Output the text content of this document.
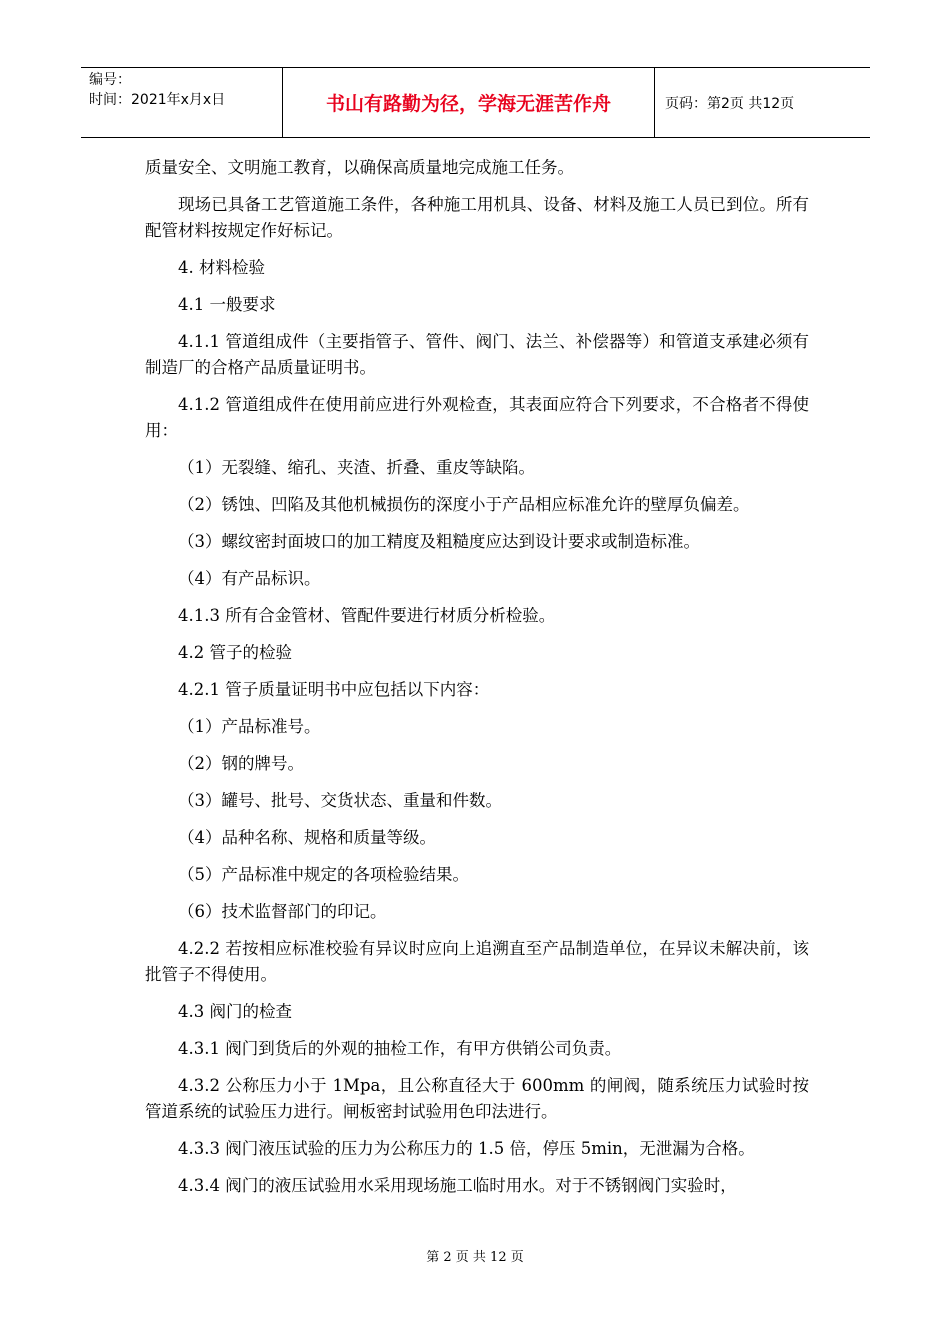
编号：
时间：2021年x月x日	书山有路勤为径，学海无涯苦作舟	页码：第2页 共12页

质量安全、文明施工教育，以确保高质量地完成施工任务。

现场已具备工艺管道施工条件，各种施工用机具、设备、材料及施工人员已到位。所有配管材料按规定作好标记。

4. 材料检验

4.1 一般要求

4.1.1 管道组成件（主要指管子、管件、阀门、法兰、补偿器等）和管道支承建必须有制造厂的合格产品质量证明书。

4.1.2 管道组成件在使用前应进行外观检查，其表面应符合下列要求，不合格者不得使用：

（1）无裂缝、缩孔、夹渣、折叠、重皮等缺陷。

（2）锈蚀、凹陷及其他机械损伤的深度小于产品相应标准允许的壁厚负偏差。

（3）螺纹密封面坡口的加工精度及粗糙度应达到设计要求或制造标准。

（4）有产品标识。

4.1.3 所有合金管材、管配件要进行材质分析检验。

4.2 管子的检验

4.2.1 管子质量证明书中应包括以下内容：

（1）产品标准号。

（2）钢的牌号。

（3）罐号、批号、交货状态、重量和件数。

（4）品种名称、规格和质量等级。

（5）产品标准中规定的各项检验结果。

（6）技术监督部门的印记。

4.2.2 若按相应标准校验有异议时应向上追溯直至产品制造单位，在异议未解决前，该批管子不得使用。

4.3 阀门的检查

4.3.1 阀门到货后的外观的抽检工作，有甲方供销公司负责。

4.3.2 公称压力小于 1Mpa，且公称直径大于 600mm 的闸阀，随系统压力试验时按管道系统的试验压力进行。闸板密封试验用色印法进行。

4.3.3 阀门液压试验的压力为公称压力的 1.5 倍，停压 5min，无泄漏为合格。

4.3.4 阀门的液压试验用水采用现场施工临时用水。对于不锈钢阀门实验时，

第 2 页 共 12 页
